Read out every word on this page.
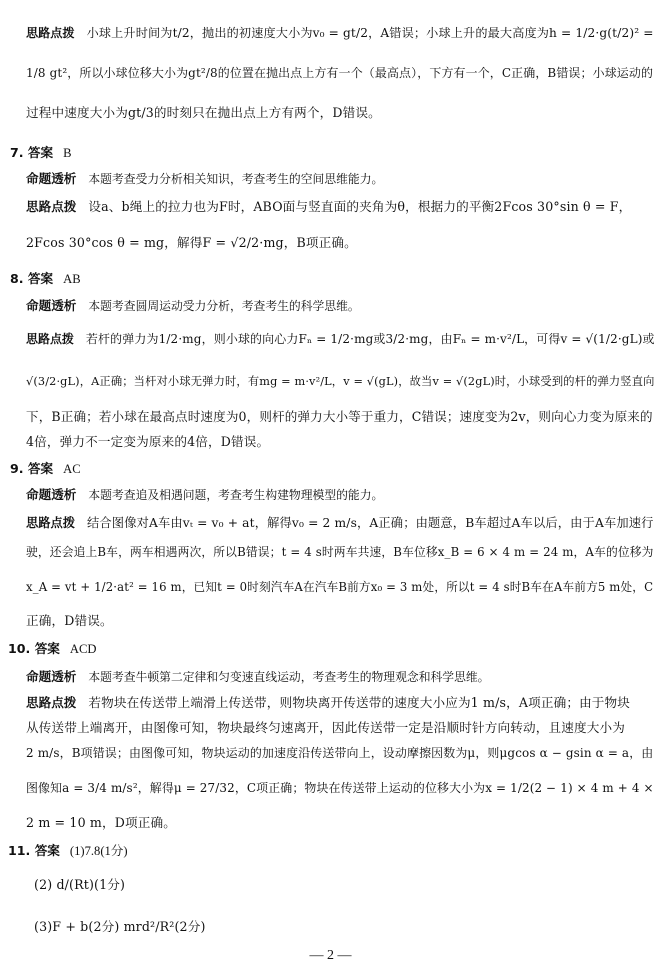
思路点拨 小球上升时间为t/2，抛出的初速度大小为v₀ = gt/2，A错误；小球上升的最大高度为h = 1/2·g(t/2)² =
1/8 gt²，所以小球位移大小为gt²/8的位置在抛出点上方有一个（最高点），下方有一个，C正确，B错误；小球运动的
过程中速度大小为gt/3的时刻只在抛出点上方有两个，D错误。
7. 答案 B
命题透析 本题考查受力分析相关知识，考查考生的空间思维能力。
思路点拨 设a、b绳上的拉力也为F时，ABO面与竖直面的夹角为θ，根据力的平衡2Fcos 30°sin θ = F，
2Fcos 30°cos θ = mg，解得F = √2/2·mg，B项正确。
8. 答案 AB
命题透析 本题考查圆周运动受力分析，考查考生的科学思维。
思路点拨 若杆的弹力为1/2·mg，则小球的向心力Fₙ = 1/2·mg或3/2·mg，由Fₙ = m·v²/L，可得v = √(1/2·gL)或
√(3/2·gL)，A正确；当杆对小球无弹力时，有mg = m·v²/L，v = √(gL)，故当v = √(2gL)时，小球受到的杆的弹力竖直向
下，B正确；若小球在最高点时速度为0，则杆的弹力大小等于重力，C错误；速度变为2v，则向心力变为原来的
4倍，弹力不一定变为原来的4倍，D错误。
9. 答案 AC
命题透析 本题考查追及相遇问题，考查考生构建物理模型的能力。
思路点拨 结合图像对A车由vₜ = v₀ + at，解得v₀ = 2 m/s，A正确；由题意，B车超过A车以后，由于A车加速行
驶，还会追上B车，两车相遇两次，所以B错误；t = 4 s时两车共速，B车位移x_B = 6 × 4 m = 24 m，A车的位移为
x_A = vt + 1/2·at² = 16 m，已知t = 0时刻汽车A在汽车B前方x₀ = 3 m处，所以t = 4 s时B车在A车前方5 m处，C
正确，D错误。
10. 答案 ACD
命题透析 本题考查牛顿第二定律和匀变速直线运动，考查考生的物理观念和科学思维。
思路点拨 若物块在传送带上端滑上传送带，则物块离开传送带的速度大小应为1 m/s，A项正确；由于物块
从传送带上端离开，由图像可知，物块最终匀速离开，因此传送带一定是沿顺时针方向转动，且速度大小为
2 m/s，B项错误；由图像可知，物块运动的加速度沿传送带向上，设动摩擦因数为μ，则μgcos α − gsin α = a，由
图像知a = 3/4 m/s²，解得μ = 27/32，C项正确；物块在传送带上运动的位移大小为x = 1/2(2 − 1) × 4 m + 4 ×
2 m = 10 m，D项正确。
11. 答案 (1)7.8(1分)
(2) d/(Rt)(1分)
(3)F + b(2分) mrd²/R²(2分)
— 2 —
